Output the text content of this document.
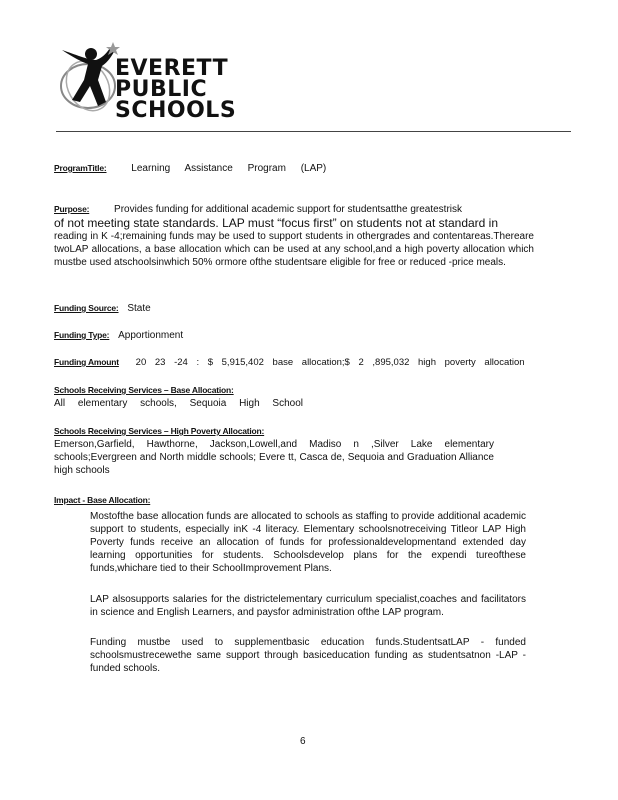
EVERETT
PUBLIC
SCHOOLS
ProgramTitle: Learning Assistance Program (LAP)
Purpose: Provides funding for additional academic support for studentsatthe greatestrisk
of not meeting state standards. LAP must “focus first” on students not at standard in
reading in K -4;remaining funds may be used to support students in othergrades and contentareas.Thereare twoLAP allocations, a base allocation which can be used at any school,and a high poverty allocation which mustbe used atschoolsinwhich 50% ormore ofthe studentsare eligible for free or reduced -price meals.
Funding Source: State
Funding Type: Apportionment
Funding Amount 20 23 -24 : $ 5,915,402 base allocation;$ 2 ,895,032 high poverty allocation
Schools Receiving Services – Base Allocation:
All elementary schools, Sequoia High School
Schools Receiving Services – High Poverty Allocation:
Emerson,Garfield, Hawthorne, Jackson,Lowell,and Madiso n ,Silver Lake elementary schools;Evergreen and North middle schools; Evere tt, Casca de, Sequoia and Graduation Alliance high schools
Impact - Base Allocation:
Mostofthe base allocation funds are allocated to schools as staffing to provide additional academic support to students, especially inK -4 literacy. Elementary schoolsnotreceiving Titleor LAP High Poverty funds receive an allocation of funds for professionaldevelopmentand extended day learning opportunities for students. Schoolsdevelop plans for the expendi tureofthese funds,whichare tied to their SchoolImprovement Plans.
LAP alsosupports salaries for the districtelementary curriculum specialist,coaches and facilitators in science and English Learners, and paysfor administration ofthe LAP program.
Funding mustbe used to supplementbasic education funds.StudentsatLAP - funded schoolsmustrecewethe same support through basiceducation funding as studentsatnon -LAP -funded schools.
6
